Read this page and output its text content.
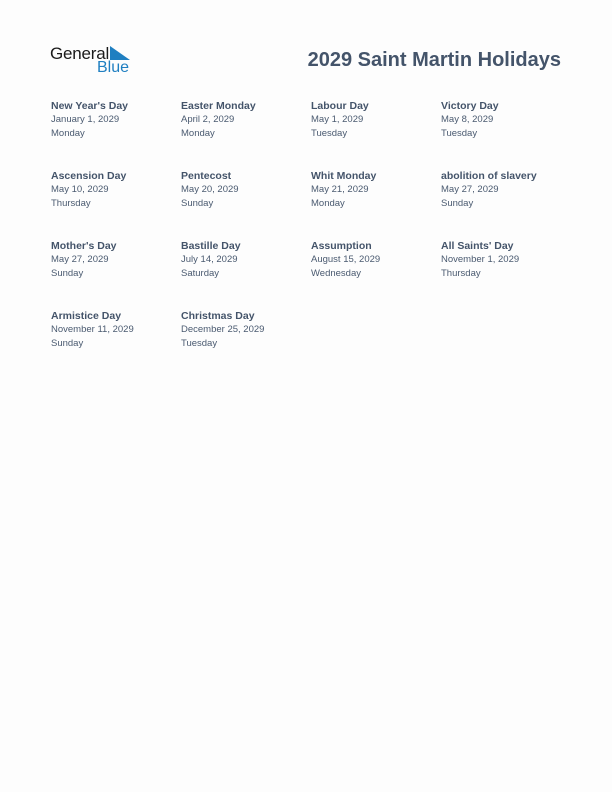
General
Blue	2029 Saint Martin Holidays
New Year's Day
January 1, 2029
Monday
Easter Monday
April 2, 2029
Monday
Labour Day
May 1, 2029
Tuesday
Victory Day
May 8, 2029
Tuesday
Ascension Day
May 10, 2029
Thursday
Pentecost
May 20, 2029
Sunday
Whit Monday
May 21, 2029
Monday
abolition of slavery
May 27, 2029
Sunday
Mother's Day
May 27, 2029
Sunday
Bastille Day
July 14, 2029
Saturday
Assumption
August 15, 2029
Wednesday
All Saints' Day
November 1, 2029
Thursday
Armistice Day
November 11, 2029
Sunday
Christmas Day
December 25, 2029
Tuesday
